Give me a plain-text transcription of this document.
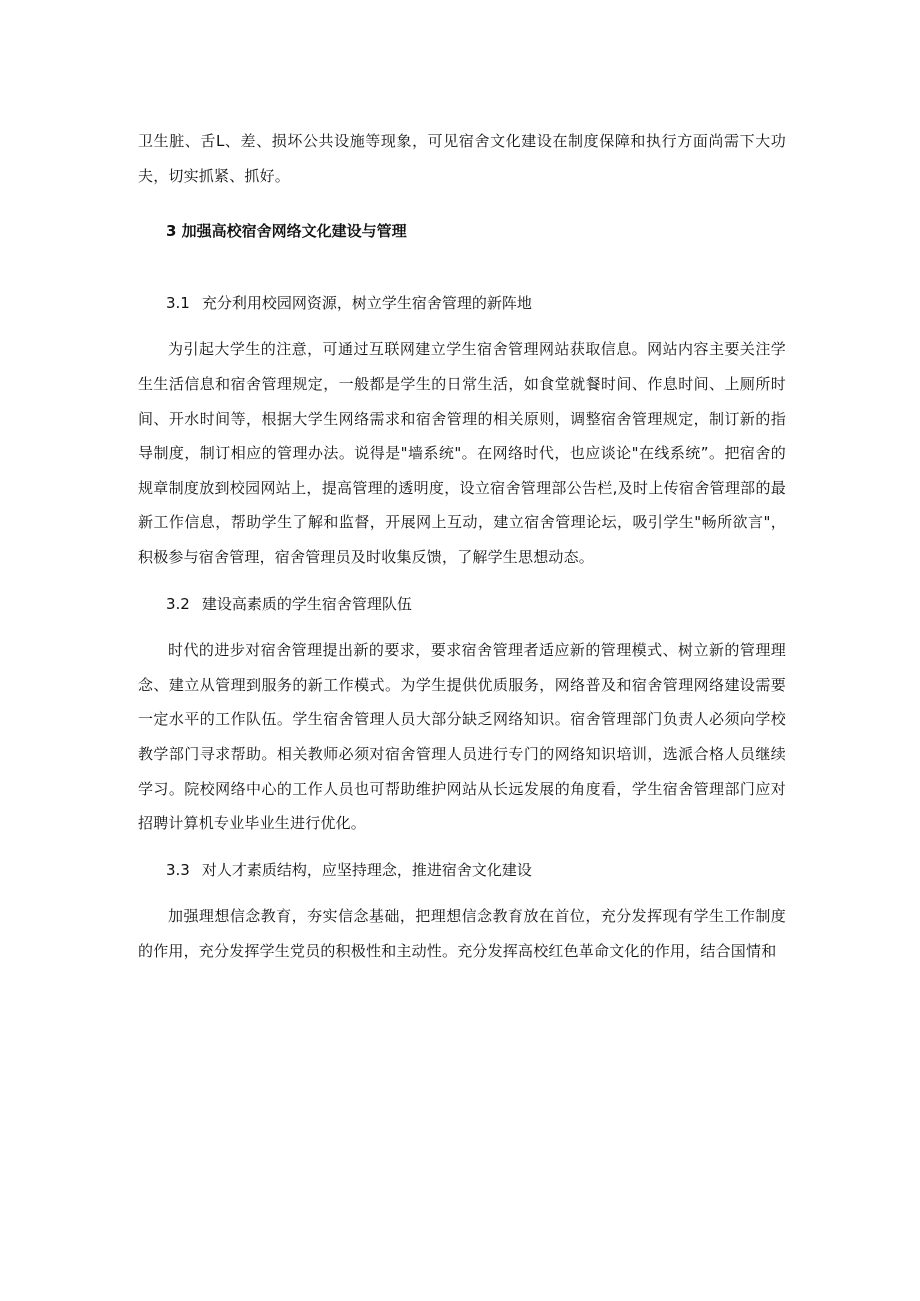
卫生脏、舌L、差、损坏公共设施等现象，可见宿舍文化建设在制度保障和执行方面尚需下大功夫，切实抓紧、抓好。

3 加强高校宿舍网络文化建设与管理

3.1 充分利用校园网资源，树立学生宿舍管理的新阵地

为引起大学生的注意，可通过互联网建立学生宿舍管理网站获取信息。网站内容主要关注学生生活信息和宿舍管理规定，一般都是学生的日常生活，如食堂就餐时间、作息时间、上厕所时间、开水时间等，根据大学生网络需求和宿舍管理的相关原则，调整宿舍管理规定，制订新的指导制度，制订相应的管理办法。说得是"墙系统"。在网络时代，也应谈论"在线系统”。把宿舍的规章制度放到校园网站上，提高管理的透明度，设立宿舍管理部公告栏,及时上传宿舍管理部的最新工作信息，帮助学生了解和监督，开展网上互动，建立宿舍管理论坛，吸引学生"畅所欲言"，积极参与宿舍管理，宿舍管理员及时收集反馈，了解学生思想动态。

3.2 建设高素质的学生宿舍管理队伍

时代的进步对宿舍管理提出新的要求，要求宿舍管理者适应新的管理模式、树立新的管理理念、建立从管理到服务的新工作模式。为学生提供优质服务，网络普及和宿舍管理网络建设需要一定水平的工作队伍。学生宿舍管理人员大部分缺乏网络知识。宿舍管理部门负责人必须向学校教学部门寻求帮助。相关教师必须对宿舍管理人员进行专门的网络知识培训，选派合格人员继续学习。院校网络中心的工作人员也可帮助维护网站从长远发展的角度看，学生宿舍管理部门应对招聘计算机专业毕业生进行优化。

3.3 对人才素质结构，应坚持理念，推进宿舍文化建设

加强理想信念教育，夯实信念基础，把理想信念教育放在首位，充分发挥现有学生工作制度的作用，充分发挥学生党员的积极性和主动性。充分发挥高校红色革命文化的作用，结合国情和
